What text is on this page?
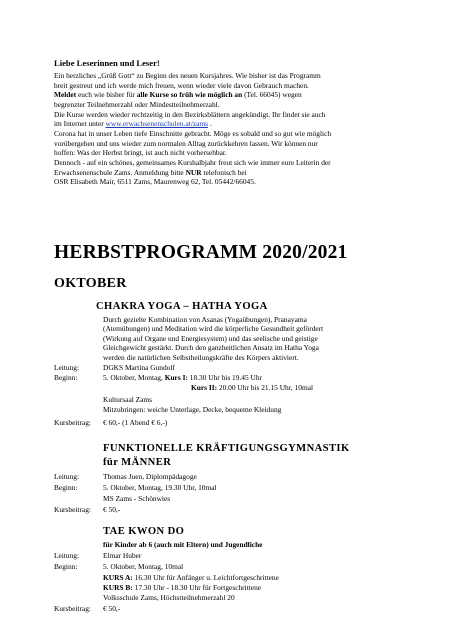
Liebe Leserinnen und Leser!
Ein herzliches „Grüß Gott“ zu Beginn des neuen Kursjahres. Wie bisher ist das Programm
breit gestreut und ich werde mich freuen, wenn wieder viele davon Gebrauch machen.
Meldet euch wie bisher für alle Kurse so früh wie möglich an (Tel. 66045) wegen
begrenzter Teilnehmerzahl oder Mindestteilnehmerzahl.
Die Kurse werden wieder rechtzeitig in den Bezirksblättern angekündigt. Ihr findet sie auch
im Internet unter www.erwachsenenschulen.at/zams .
Corona hat in unser Leben tiefe Einschnitte gebracht. Möge es sobald und so gut wie möglich
vorübergehen und uns wieder zum normalen Alltag zurückkehren lassen. Wir können nur
hoffen: Was der Herbst bringt, ist auch nicht vorhersehbar.
Dennoch - auf ein schönes, gemeinsames Kurshalbjahr freut sich wie immer eure Leiterin der
Erwachsenenschule Zams. Anmeldung bitte NUR telefonisch bei
OSR Elisabeth Mair, 6511 Zams, Maurenweg 62, Tel. 05442/66045.
HERBSTPROGRAMM 2020/2021
OKTOBER
CHAKRA YOGA – HATHA YOGA
Durch gezielte Kombination von Asanas (Yogaübungen), Pranayama
(Atemübungen) und Meditation wird die körperliche Gesundheit gefördert
(Wirkung auf Organe und Energiesystem) und das seelische und geistige
Gleichgewicht gestärkt. Durch den ganzheitlichen Ansatz im Hatha Yoga
werden die natürlichen Selbstheilungskräfte des Körpers aktiviert.
Leitung:	DGKS Martina Gundolf
Beginn:	5. Oktober, Montag, Kurs I: 18.30 Uhr bis 19.45 Uhr
Kurs II: 20.00 Uhr bis 21.15 Uhr, 10mal
Kultursaal Zams
Mitzubringen: weiche Unterlage, Decke, bequeme Kleidung
Kursbeitrag: € 60,- (1 Abend € 6,-)
FUNKTIONELLE KRÄFTIGUNGSGYMNASTIK
für MÄNNER
Leitung:	Thomas Juen, Diplompädagoge
Beginn:	5. Oktober, Montag, 19.30 Uhr, 10mal
MS Zams - Schönwies
Kursbeitrag: € 50,-
TAE KWON DO
für Kinder ab 6 (auch mit Eltern) und Jugendliche
Leitung:	Elmar Huber
Beginn:	5. Oktober, Montag, 10mal
KURS A: 16.30 Uhr für Anfänger u. Leichtfortgeschrittene
KURS B: 17.30 Uhr - 18.30 Uhr für Fortgeschrittene
Volksschule Zams, Höchstteilnehmerzahl 20
Kursbeitrag: € 50,-
